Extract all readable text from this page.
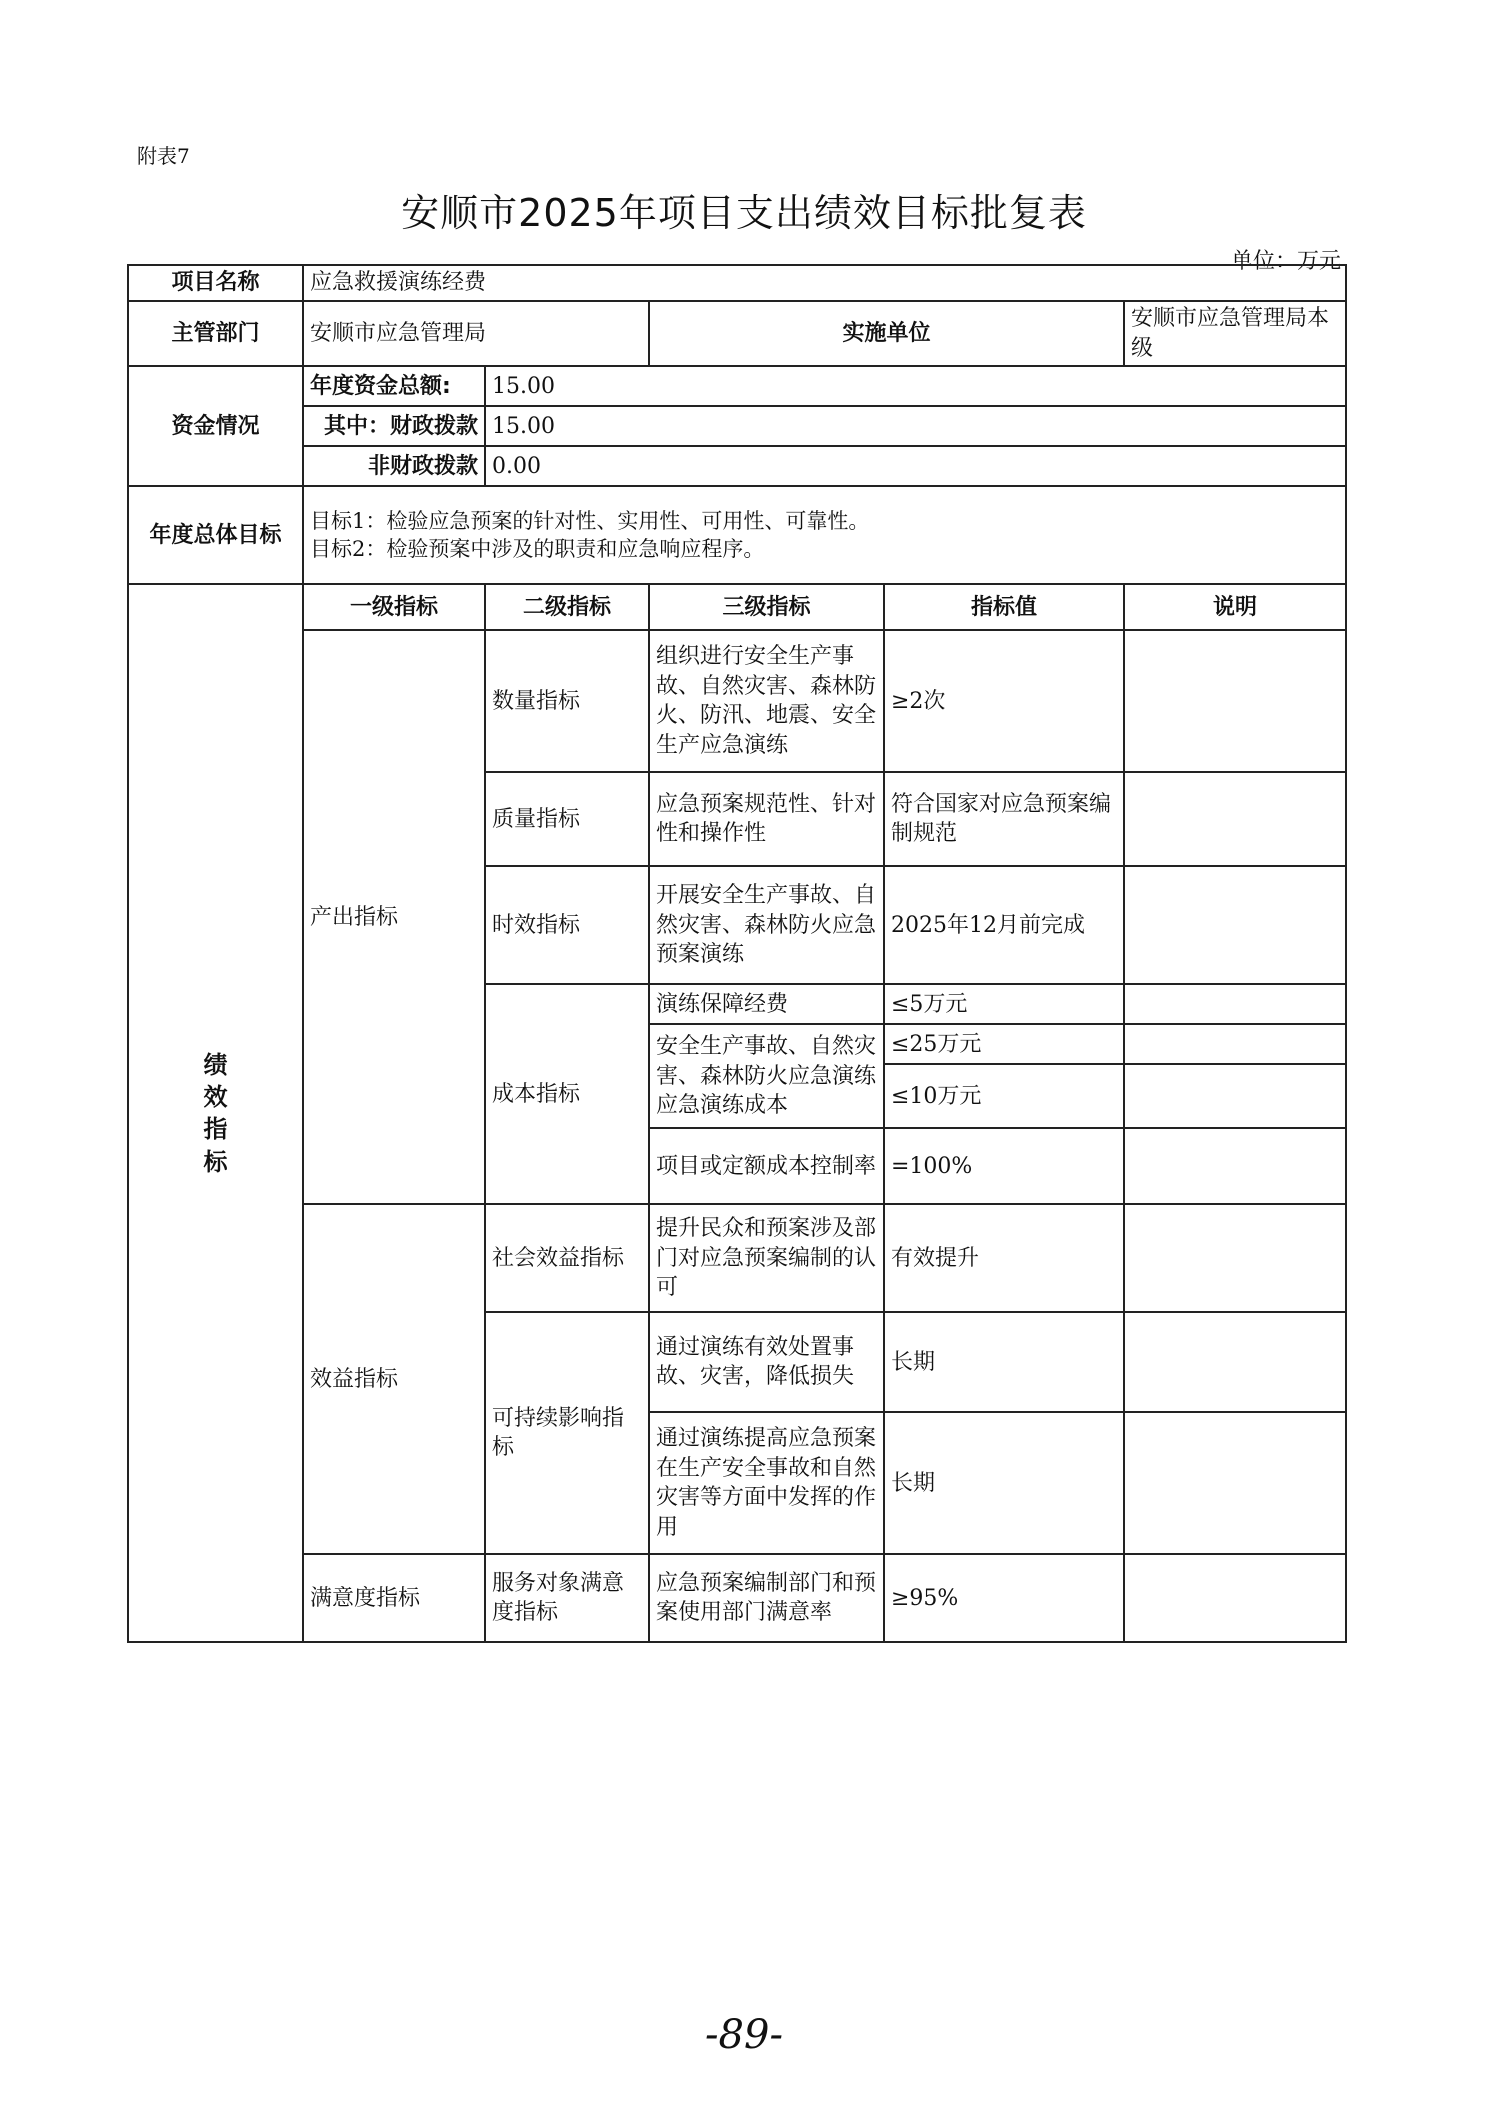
附表7
安顺市2025年项目支出绩效目标批复表
单位：万元
项目名称	应急救援演练经费				
主管部门	安顺市应急管理局		实施单位		安顺市应急管理局本级
资金情况	年度资金总额:	15.00			
	其中：财政拨款	15.00			
	非财政拨款	0.00			
年度总体目标	目标1：检验应急预案的针对性、实用性、可用性、可靠性。
目标2：检验预案中涉及的职责和应急响应程序。				

绩效指标	一级指标	二级指标	三级指标	指标值	说明
	产出指标	数量指标	组织进行安全生产事故、自然灾害、森林防火、防汛、地震、安全生产应急演练	≥2次	
		质量指标	应急预案规范性、针对性和操作性	符合国家对应急预案编制规范	
		时效指标	开展安全生产事故、自然灾害、森林防火应急预案演练	2025年12月前完成	
		成本指标	演练保障经费	≤5万元	
			安全生产事故、自然灾害、森林防火应急演练应急演练成本	≤25万元	
				≤10万元	
			项目或定额成本控制率	=100%	
	效益指标	社会效益指标	提升民众和预案涉及部门对应急预案编制的认可	有效提升	
		可持续影响指标	通过演练有效处置事故、灾害，降低损失	长期	
			通过演练提高应急预案在生产安全事故和自然灾害等方面中发挥的作用	长期	
	满意度指标	服务对象满意度指标	应急预案编制部门和预案使用部门满意率	≥95%	
-89-
